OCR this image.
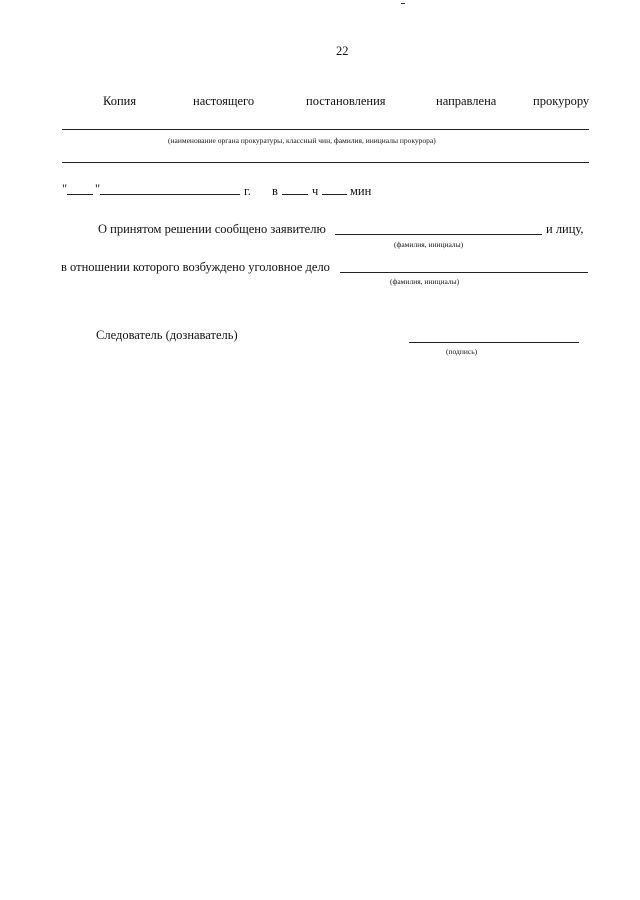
22
Копия	настоящего	постановления	направлена	прокурору
(наименование органа прокуратуры, классный чин, фамилия, инициалы прокурора)
" "	г. в	ч	мин
О принятом решении сообщено заявителю	и лицу,
(фамилия, инициалы)
в отношении которого возбуждено уголовное дело
(фамилия, инициалы)
Следователь (дознаватель)
(подпись)
